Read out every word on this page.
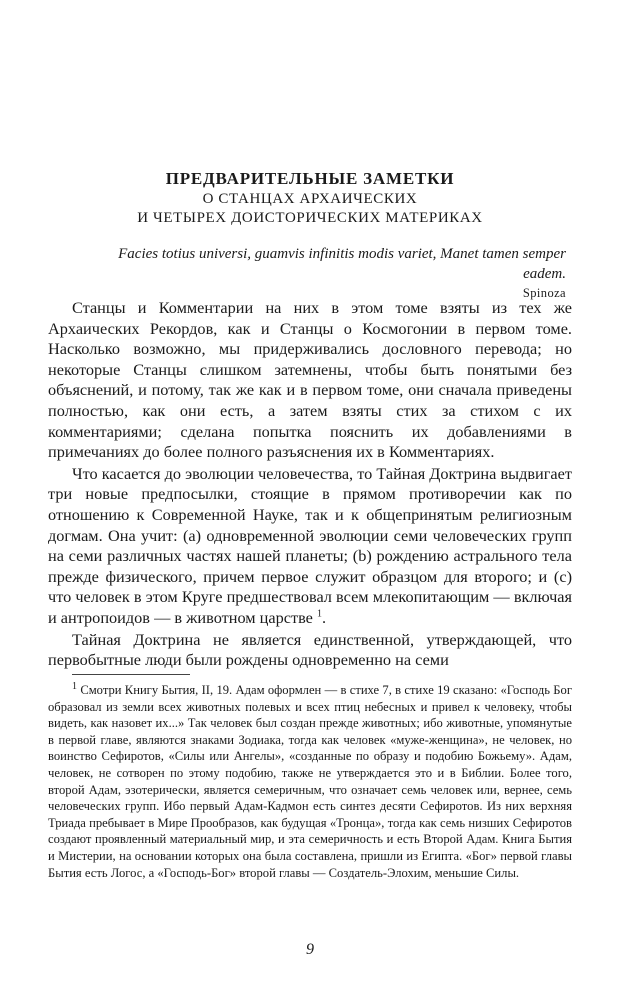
ПРЕДВАРИТЕЛЬНЫЕ ЗАМЕТКИ
О СТАНЦАХ АРХАИЧЕСКИХ
И ЧЕТЫРЕХ ДОИСТОРИЧЕСКИХ МАТЕРИКАХ
Facies totius universi, guamvis infinitis modis variet, Manet tamen semper eadem.
Spinoza

Станцы и Комментарии на них в этом томе взяты из тех же Архаических Рекордов, как и Станцы о Космогонии в первом томе. Насколько возможно, мы придерживались дословного перевода; но некоторые Станцы слишком затемнены, чтобы быть понятыми без объяснений, и потому, так же как и в первом томе, они сначала приведены полностью, как они есть, а затем взяты стих за стихом с их комментариями; сделана попытка пояснить их добавлениями в примечаниях до более полного разъяснения их в Комментариях.

Что касается до эволюции человечества, то Тайная Доктрина выдвигает три новые предпосылки, стоящие в прямом противоречии как по отношению к Современной Науке, так и к общепринятым религиозным догмам. Она учит: (а) одновременной эволюции семи человеческих групп на семи различных частях нашей планеты; (b) рождению астрального тела прежде физического, причем первое служит образцом для второго; и (с) что человек в этом Круге предшествовал всем млекопитающим — включая и антропоидов — в животном царстве $^1$.

Тайная Доктрина не является единственной, утверждающей, что первобытные люди были рождены одновременно на семи

$^1$ Смотри Книгу Бытия, II, 19. Адам оформлен — в стихе 7, в стихе 19 сказано: «Господь Бог образовал из земли всех животных полевых и всех птиц небесных и привел к человеку, чтобы видеть, как назовет их...» Так человек был создан прежде животных; ибо животные, упомянутые в первой главе, являются знаками Зодиака, тогда как человек «муже-женщина», не человек, но воинство Сефиротов, «Силы или Ангелы», «созданные по образу и подобию Божьему». Адам, человек, не сотворен по этому подобию, также не утверждается это и в Библии. Более того, второй Адам, эзотерически, является семеричным, что означает семь человек или, вернее, семь человеческих групп. Ибо первый Адам-Кадмон есть синтез десяти Сефиротов. Из них верхняя Триада пребывает в Мире Прообразов, как будущая «Тронца», тогда как семь низших Сефиротов создают проявленный материальный мир, и эта семеричность и есть Второй Адам. Книга Бытия и Мистерии, на основании которых она была составлена, пришли из Египта. «Бог» первой главы Бытия есть Логос, а «Господь-Бог» второй главы — Создатель-Элохим, меньшие Силы.

9
